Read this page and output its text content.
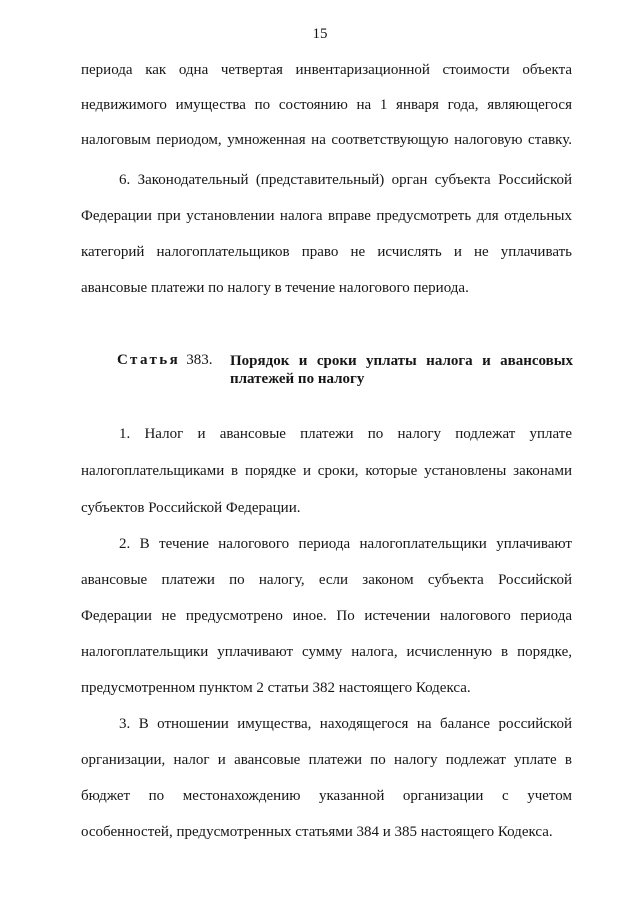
15
периода как одна четвертая инвентаризационной стоимости объекта
недвижимого имущества по состоянию на 1 января года, являющегося
налоговым периодом, умноженная на соответствующую налоговую ставку.
6. Законодательный (представительный) орган субъекта Российской
Федерации при установлении налога вправе предусмотреть для отдельных
категорий налогоплательщиков право не исчислять и не уплачивать
авансовые платежи по налогу в течение налогового периода.
Статья 383. Порядок и сроки уплаты налога и авансовых
платежей по налогу
1. Налог и авансовые платежи по налогу подлежат уплате
налогоплательщиками в порядке и сроки, которые установлены законами
субъектов Российской Федерации.
2. В течение налогового периода налогоплательщики уплачивают
авансовые платежи по налогу, если законом субъекта Российской
Федерации не предусмотрено иное. По истечении налогового периода
налогоплательщики уплачивают сумму налога, исчисленную в порядке,
предусмотренном пунктом 2 статьи 382 настоящего Кодекса.
3. В отношении имущества, находящегося на балансе российской
организации, налог и авансовые платежи по налогу подлежат уплате в
бюджет по местонахождению указанной организации с учетом
особенностей, предусмотренных статьями 384 и 385 настоящего Кодекса.
